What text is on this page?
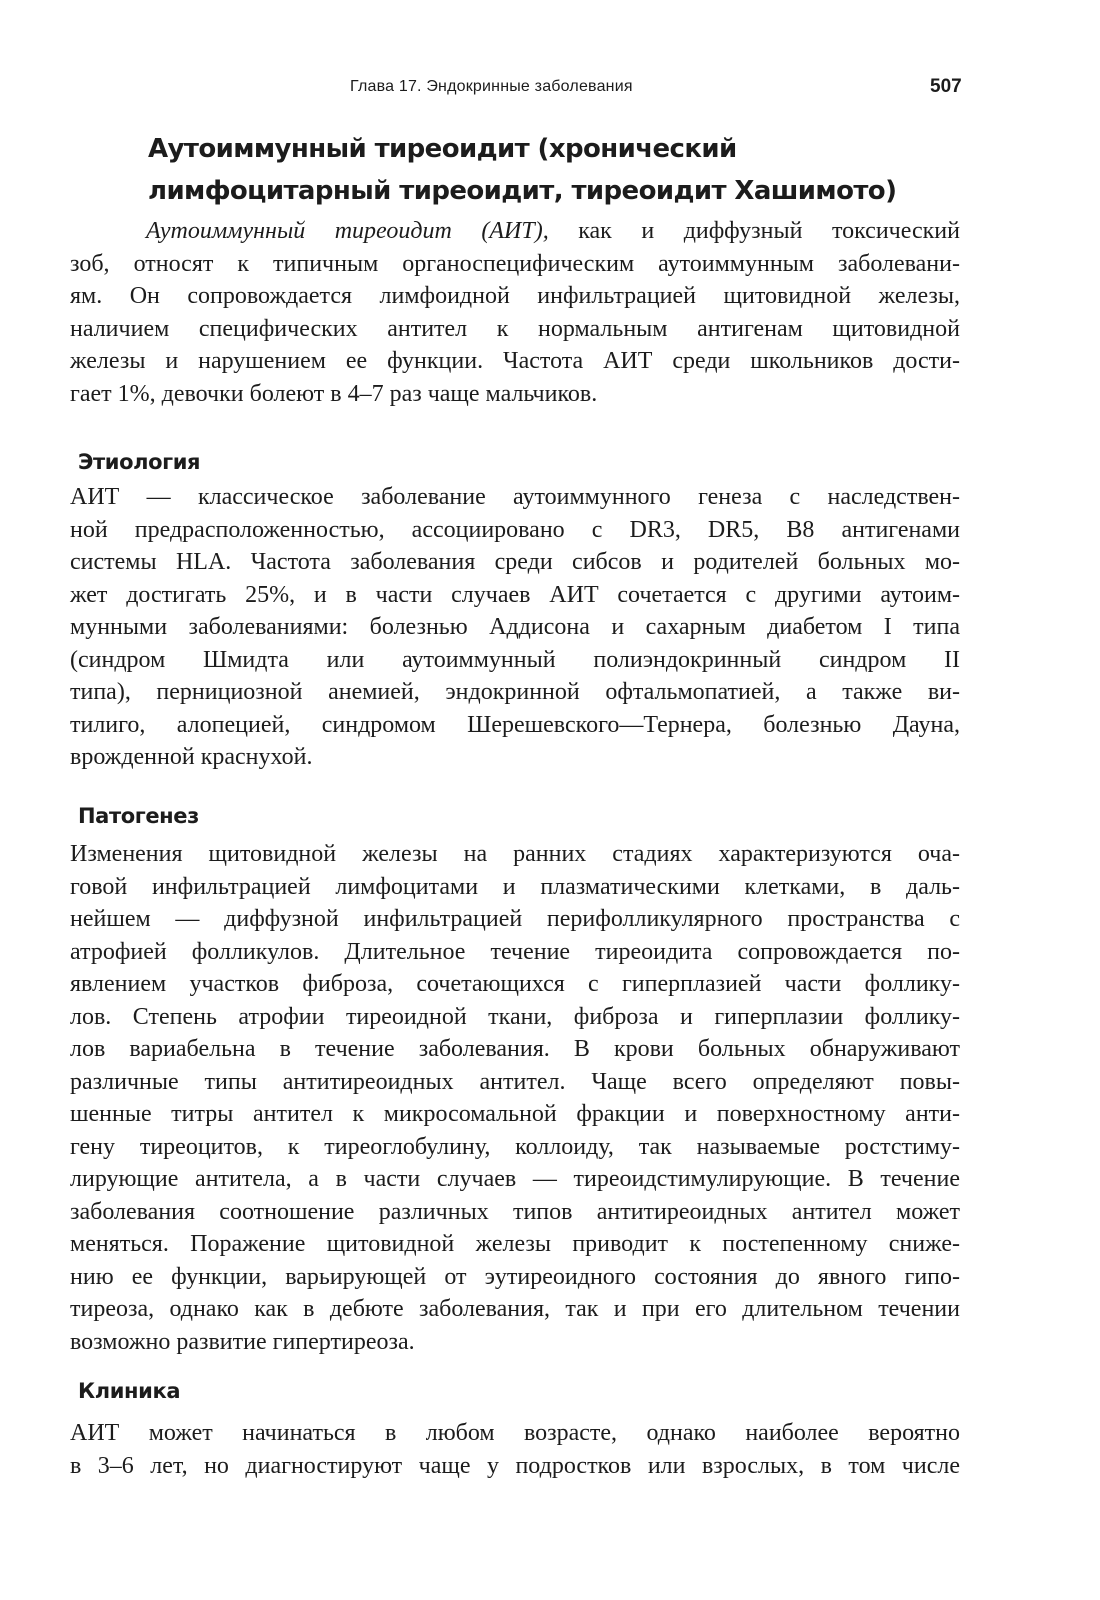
Глава 17. Эндокринные заболевания	507
Аутоиммунный тиреоидит (хронический
лимфоцитарный тиреоидит, тиреоидит Хашимото)
Аутоиммунный тиреоидит (АИТ), как и диффузный токсический
зоб, относят к типичным органоспецифическим аутоиммунным заболевани-
ям. Он сопровождается лимфоидной инфильтрацией щитовидной железы,
наличием специфических антител к нормальным антигенам щитовидной
железы и нарушением ее функции. Частота АИТ среди школьников дости-
гает 1%, девочки болеют в 4–7 раз чаще мальчиков.
Этиология
АИТ — классическое заболевание аутоиммунного генеза с наследствен-
ной предрасположенностью, ассоциировано с DR3, DR5, B8 антигенами
системы HLA. Частота заболевания среди сибсов и родителей больных мо-
жет достигать 25%, и в части случаев АИТ сочетается с другими аутоим-
мунными заболеваниями: болезнью Аддисона и сахарным диабетом I типа
(синдром Шмидта или аутоиммунный полиэндокринный синдром II
типа), пернициозной анемией, эндокринной офтальмопатией, а также ви-
тилиго, алопецией, синдромом Шерешевского—Тернера, болезнью Дауна,
врожденной краснухой.
Патогенез
Изменения щитовидной железы на ранних стадиях характеризуются оча-
говой инфильтрацией лимфоцитами и плазматическими клетками, в даль-
нейшем — диффузной инфильтрацией перифолликулярного пространства с
атрофией фолликулов. Длительное течение тиреоидита сопровождается по-
явлением участков фиброза, сочетающихся с гиперплазией части фоллику-
лов. Степень атрофии тиреоидной ткани, фиброза и гиперплазии фоллику-
лов вариабельна в течение заболевания. В крови больных обнаруживают
различные типы антитиреоидных антител. Чаще всего определяют повы-
шенные титры антител к микросомальной фракции и поверхностному анти-
гену тиреоцитов, к тиреоглобулину, коллоиду, так называемые ростстиму-
лирующие антитела, а в части случаев — тиреоидстимулирующие. В течение
заболевания соотношение различных типов антитиреоидных антител может
меняться. Поражение щитовидной железы приводит к постепенному сниже-
нию ее функции, варьирующей от эутиреоидного состояния до явного гипо-
тиреоза, однако как в дебюте заболевания, так и при его длительном течении
возможно развитие гипертиреоза.
Клиника
АИТ может начинаться в любом возрасте, однако наиболее вероятно
в 3–6 лет, но диагностируют чаще у подростков или взрослых, в том числе
